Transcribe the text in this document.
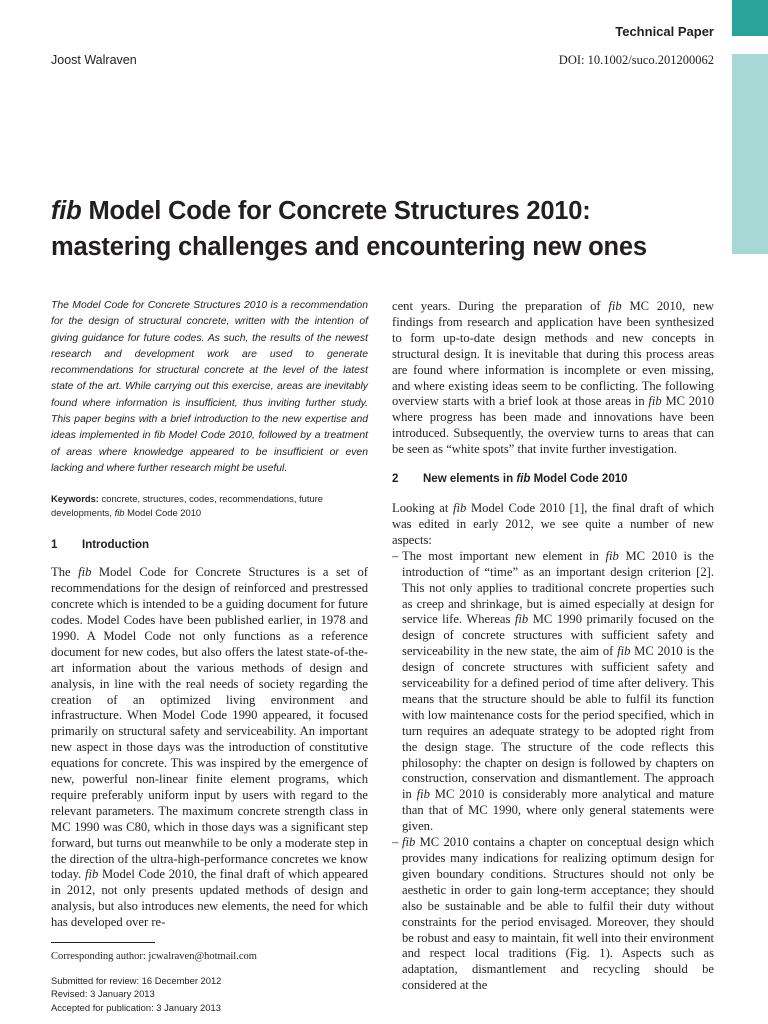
Technical Paper
Joost Walraven	DOI: 10.1002/suco.201200062
fib Model Code for Concrete Structures 2010:
mastering challenges and encountering new ones

The Model Code for Concrete Structures 2010 is a recommendation for the design of structural concrete, written with the intention of giving guidance for future codes. As such, the results of the newest research and development work are used to generate recommendations for structural concrete at the level of the latest state of the art. While carrying out this exercise, areas are inevitably found where information is insufficient, thus inviting further study. This paper begins with a brief introduction to the new expertise and ideas implemented in fib Model Code 2010, followed by a treatment of areas where knowledge appeared to be insufficient or even lacking and where further research might be useful.

Keywords: concrete, structures, codes, recommendations, future developments, fib Model Code 2010
1	Introduction

The fib Model Code for Concrete Structures is a set of recommendations for the design of reinforced and prestressed concrete which is intended to be a guiding document for future codes. Model Codes have been published earlier, in 1978 and 1990. A Model Code not only functions as a reference document for new codes, but also offers the latest state-of-the-art information about the various methods of design and analysis, in line with the real needs of society regarding the creation of an optimized living environment and infrastructure. When Model Code 1990 appeared, it focused primarily on structural safety and serviceability. An important new aspect in those days was the introduction of constitutive equations for concrete. This was inspired by the emergence of new, powerful non-linear finite element programs, which require preferably uniform input by users with regard to the relevant parameters. The maximum concrete strength class in MC 1990 was C80, which in those days was a significant step forward, but turns out meanwhile to be only a moderate step in the direction of the ultra-high-performance concretes we know today. fib Model Code 2010, the final draft of which appeared in 2012, not only presents updated methods of design and analysis, but also introduces new elements, the need for which has developed over re-

Corresponding author: jcwalraven@hotmail.com
Submitted for review: 16 December 2012
Revised: 3 January 2013
Accepted for publication: 3 January 2013

cent years. During the preparation of fib MC 2010, new findings from research and application have been synthesized to form up-to-date design methods and new concepts in structural design. It is inevitable that during this process areas are found where information is incomplete or even missing, and where existing ideas seem to be conflicting. The following overview starts with a brief look at those areas in fib MC 2010 where progress has been made and innovations have been introduced. Subsequently, the overview turns to areas that can be seen as “white spots” that invite further investigation.

2	New elements in fib Model Code 2010

Looking at fib Model Code 2010 [1], the final draft of which was edited in early 2012, we see quite a number of new aspects:

– The most important new element in fib MC 2010 is the introduction of “time” as an important design criterion [2]. This not only applies to traditional concrete properties such as creep and shrinkage, but is aimed especially at design for service life. Whereas fib MC 1990 primarily focused on the design of concrete structures with sufficient safety and serviceability in the new state, the aim of fib MC 2010 is the design of concrete structures with sufficient safety and serviceability for a defined period of time after delivery. This means that the structure should be able to fulfil its function with low maintenance costs for the period specified, which in turn requires an adequate strategy to be adopted right from the design stage. The structure of the code reflects this philosophy: the chapter on design is followed by chapters on construction, conservation and dismantlement. The approach in fib MC 2010 is considerably more analytical and mature than that of MC 1990, where only general statements were given.
– fib MC 2010 contains a chapter on conceptual design which provides many indications for realizing optimum design for given boundary conditions. Structures should not only be aesthetic in order to gain long-term acceptance; they should also be sustainable and be able to fulfil their duty without constraints for the period envisaged. Moreover, they should be robust and easy to maintain, fit well into their environment and respect local traditions (Fig. 1). Aspects such as adaptation, dismantlement and recycling should be considered at the
